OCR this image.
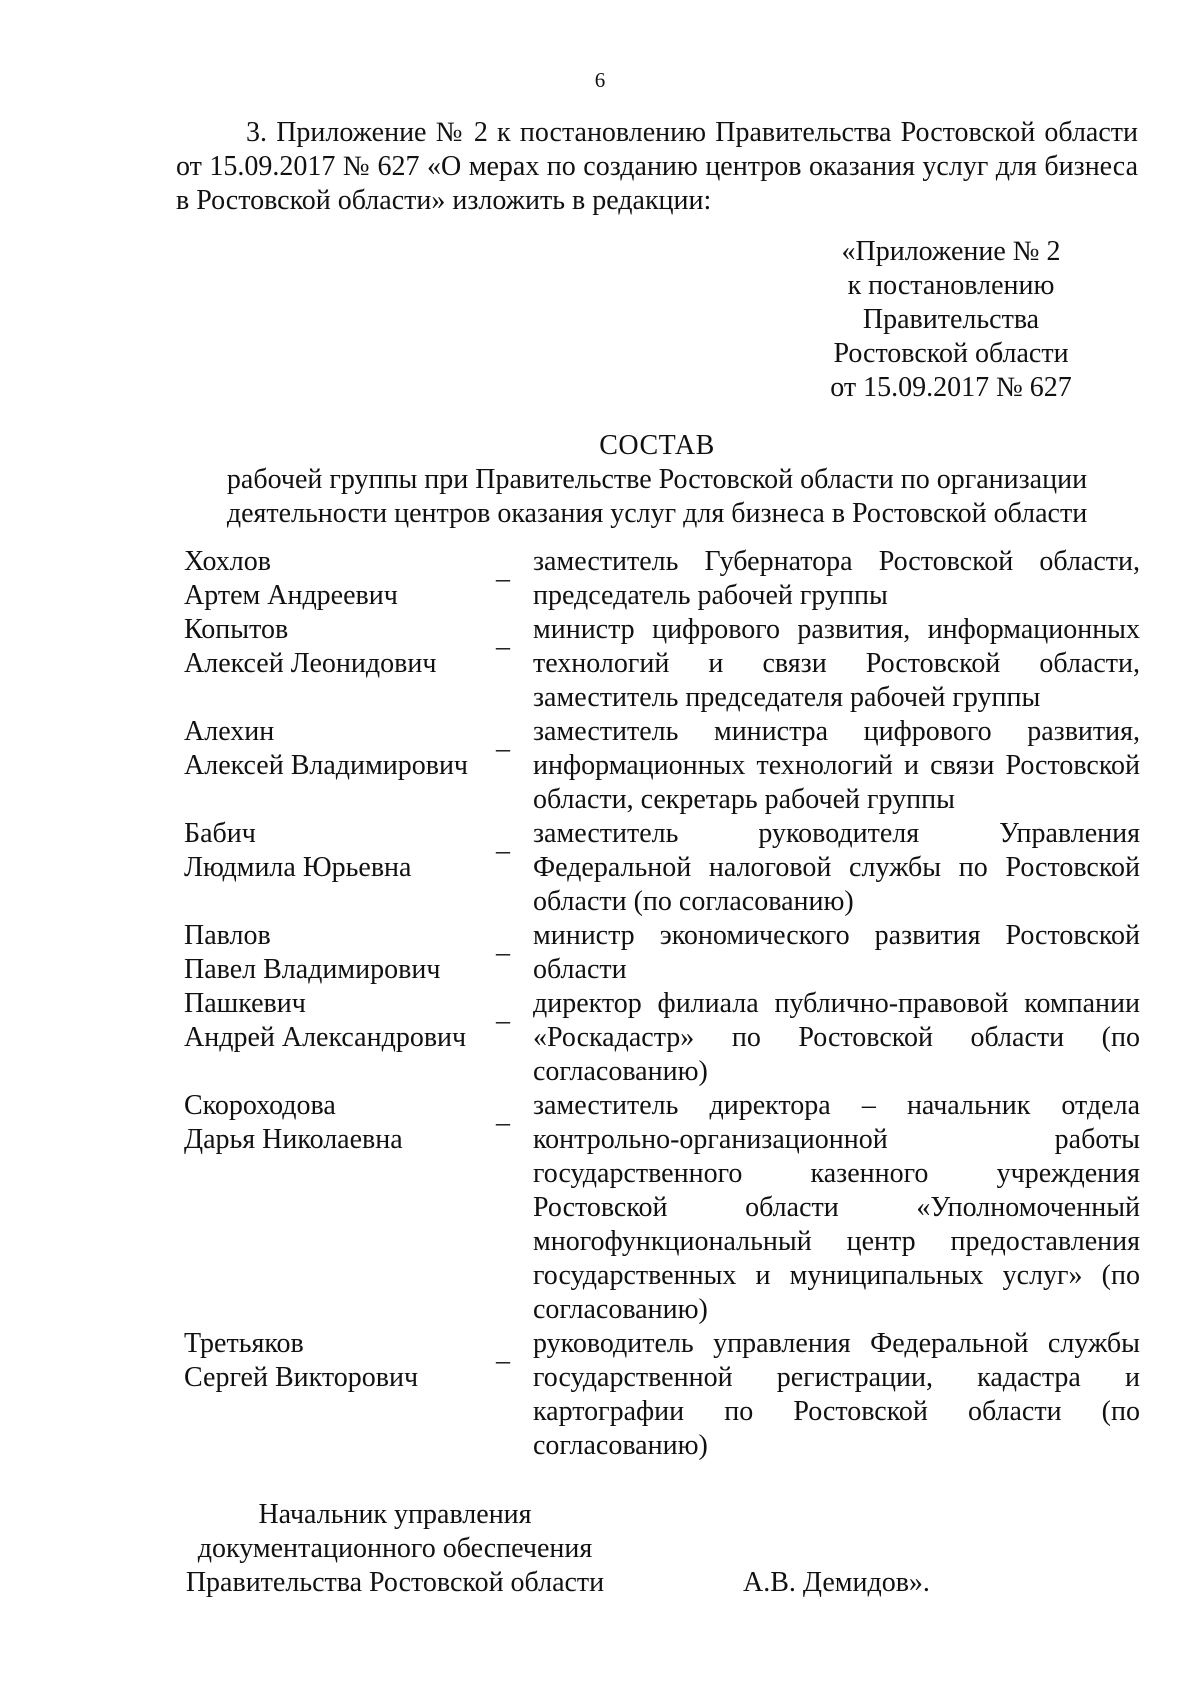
6

3. Приложение № 2 к постановлению Правительства Ростовской области от 15.09.2017 № 627 «О мерах по созданию центров оказания услуг для бизнеса в Ростовской области» изложить в редакции:

«Приложение № 2
к постановлению
Правительства
Ростовской области
от 15.09.2017 № 627
СОСТАВ
рабочей группы при Правительстве Ростовской области по организации деятельности центров оказания услуг для бизнеса в Ростовской области
Хохлов
Артем Андреевич
_ заместитель Губернатора Ростовской области, председатель рабочей группы
Копытов
Алексей Леонидович
_ министр цифрового развития, информационных технологий и связи Ростовской области, заместитель председателя рабочей группы
Алехин
Алексей Владимирович
_ заместитель министра цифрового развития, информационных технологий и связи Ростовской области, секретарь рабочей группы
Бабич
Людмила Юрьевна
_ заместитель руководителя Управления Федеральной налоговой службы по Ростовской области (по согласованию)
Павлов
Павел Владимирович
_ министр экономического развития Ростовской области
Пашкевич
Андрей Александрович
_ директор филиала публично-правовой компании «Роскадастр» по Ростовской области (по согласованию)
Скороходова
Дарья Николаевна
_ заместитель директора – начальник отдела контрольно-организационной работы государственного казенного учреждения Ростовской области «Уполномоченный многофункциональный центр предоставления государственных и муниципальных услуг» (по согласованию)
Третьяков
Сергей Викторович
_ руководитель управления Федеральной службы государственной регистрации, кадастра и картографии по Ростовской области (по согласованию)
Начальник управления
документационного обеспечения
Правительства Ростовской области	А.В. Демидов».
